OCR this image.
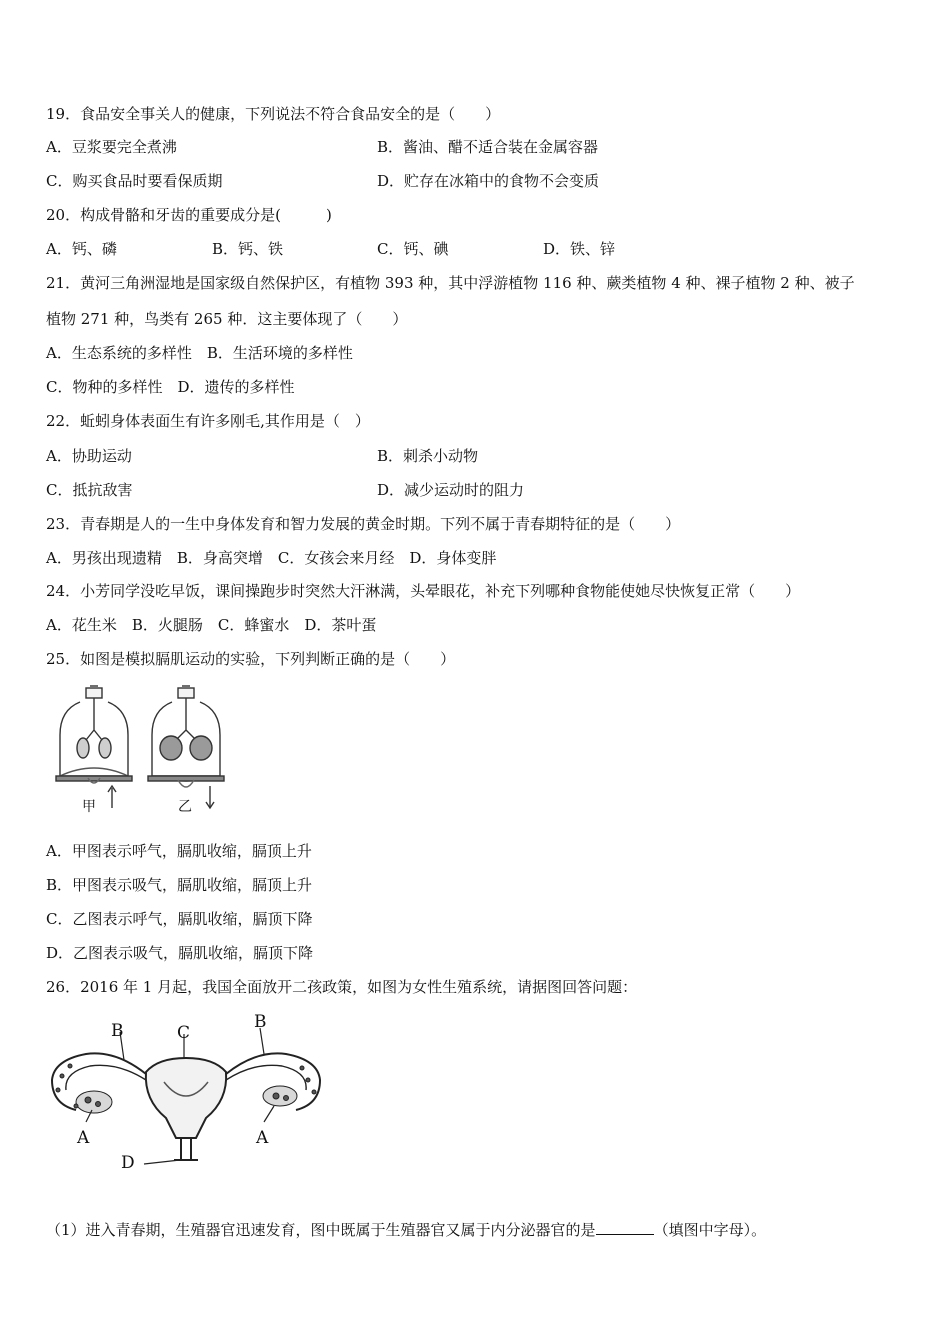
19．食品安全事关人的健康，下列说法不符合食品安全的是（　　）
A．豆浆要完全煮沸	B．酱油、醋不适合装在金属容器
C．购买食品时要看保质期	D．贮存在冰箱中的食物不会变质
20．构成骨骼和牙齿的重要成分是(　　　)
A．钙、磷	B．钙、铁	C．钙、碘	D．铁、锌
21．黄河三角洲湿地是国家级自然保护区，有植物 393 种，其中浮游植物 116 种、蕨类植物 4 种、裸子植物 2 种、被子
植物 271 种，鸟类有 265 种．这主要体现了（　　）
A．生态系统的多样性　B．生活环境的多样性
C．物种的多样性　D．遗传的多样性
22．蚯蚓身体表面生有许多刚毛,其作用是（　）
A．协助运动	B．刺杀小动物
C．抵抗敌害	D．减少运动时的阻力
23．青春期是人的一生中身体发育和智力发展的黄金时期。下列不属于青春期特征的是（　　）
A．男孩出现遗精　B．身高突增　C．女孩会来月经　D．身体变胖
24．小芳同学没吃早饭，课间操跑步时突然大汗淋满，头晕眼花，补充下列哪种食物能使她尽快恢复正常（　　）
A．花生米　B．火腿肠　C．蜂蜜水　D．茶叶蛋
25．如图是模拟膈肌运动的实验，下列判断正确的是（　　）
甲	乙
A．甲图表示呼气，膈肌收缩，膈顶上升
B．甲图表示吸气，膈肌收缩，膈顶上升
C．乙图表示呼气，膈肌收缩，膈顶下降
D．乙图表示吸气，膈肌收缩，膈顶下降
26．2016 年 1 月起，我国全面放开二孩政策，如图为女性生殖系统，请据图回答问题：
B	C
B
A	A
D
（1）进入青春期，生殖器官迅速发育，图中既属于生殖器官又属于内分泌器官的是	（填图中字母）。
